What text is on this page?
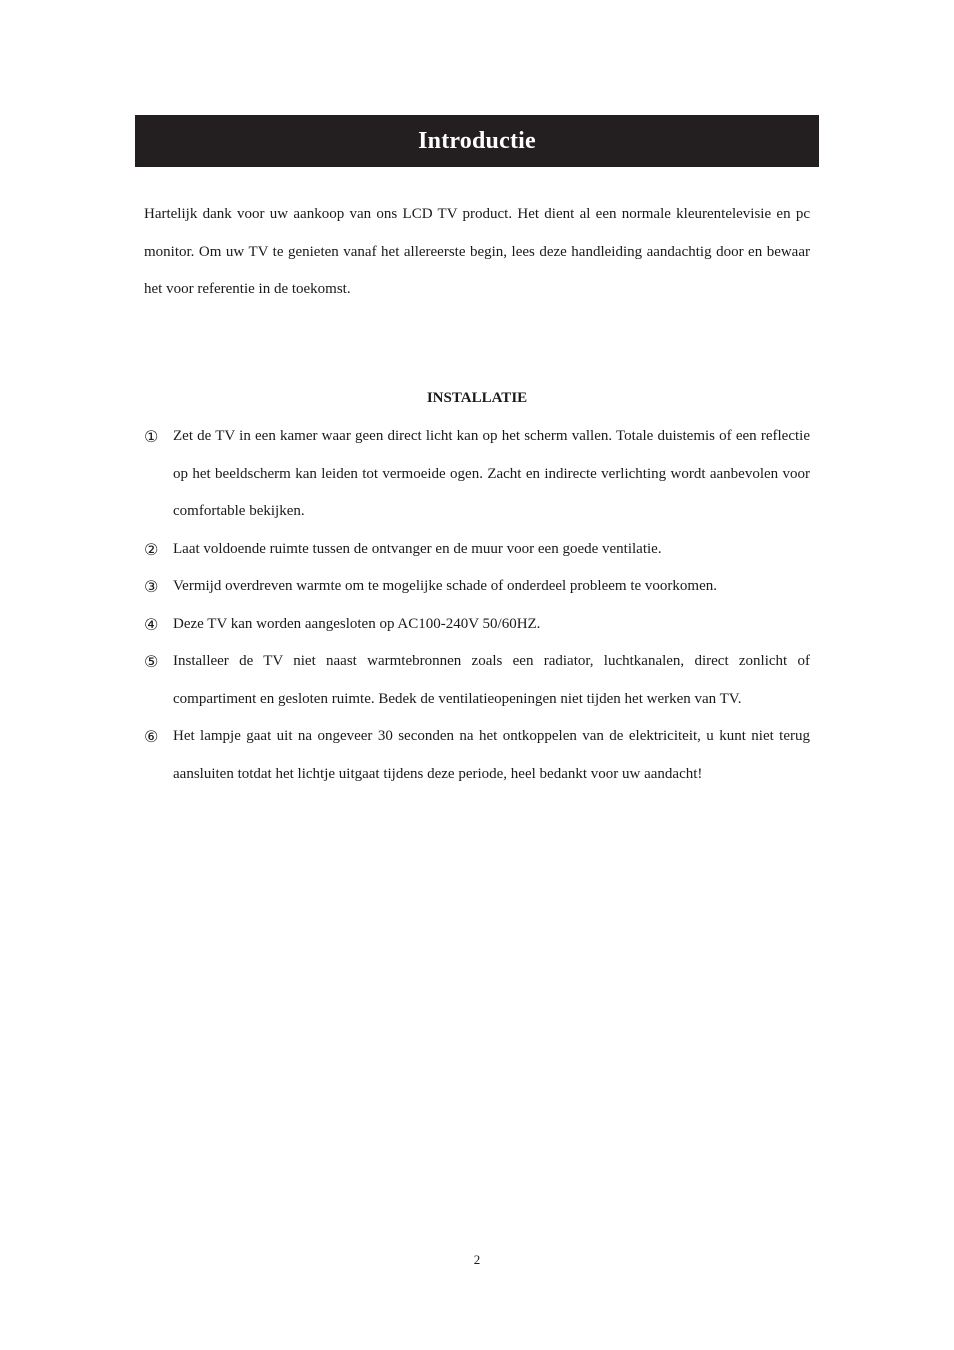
Introductie

Hartelijk dank voor uw aankoop van ons LCD TV product. Het dient al een normale kleurentelevisie en pc monitor. Om uw TV te genieten vanaf het allereerste begin, lees deze handleiding aandachtig door en bewaar het voor referentie in de toekomst.

INSTALLATIE
① Zet de TV in een kamer waar geen direct licht kan op het scherm vallen. Totale duistemis of een reflectie op het beeldscherm kan leiden tot vermoeide ogen. Zacht en indirecte verlichting wordt aanbevolen voor comfortable bekijken.
② Laat voldoende ruimte tussen de ontvanger en de muur voor een goede ventilatie.
③ Vermijd overdreven warmte om te mogelijke schade of onderdeel probleem te voorkomen.
④ Deze TV kan worden aangesloten op AC100-240V 50/60HZ.
⑤ Installeer de TV niet naast warmtebronnen zoals een radiator, luchtkanalen, direct zonlicht of compartiment en gesloten ruimte. Bedek de ventilatieopeningen niet tijden het werken van TV.
⑥ Het lampje gaat uit na ongeveer 30 seconden na het ontkoppelen van de elektriciteit, u kunt niet terug aansluiten totdat het lichtje uitgaat tijdens deze periode, heel bedankt voor uw aandacht!
2
